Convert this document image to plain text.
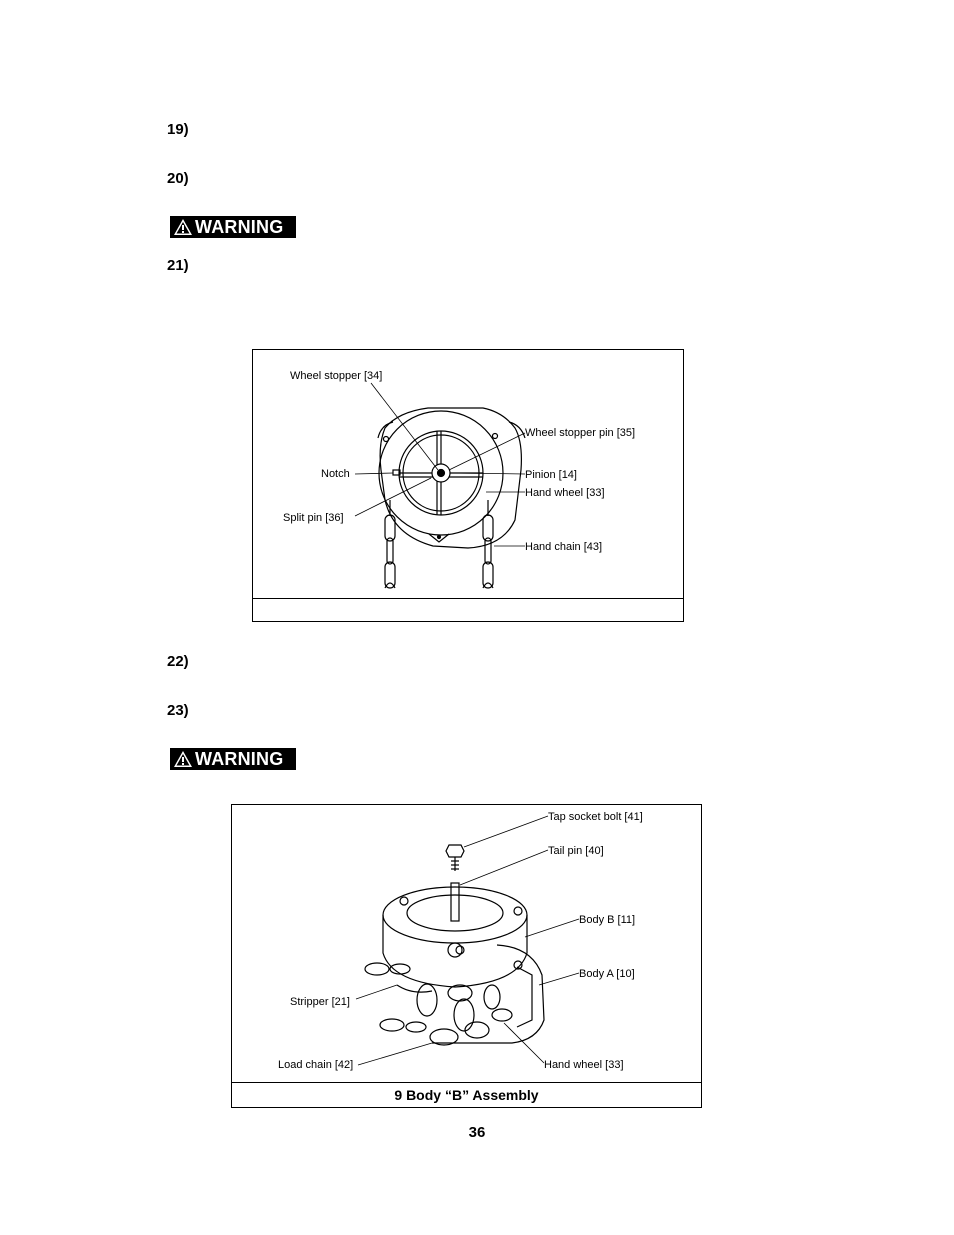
19)
20)
WARNING
21)
Wheel stopper [34]
Wheel stopper pin [35]
Notch	Pinion [14]
Hand wheel [33]
Split pin [36]
Hand chain [43]
22)
23)
WARNING
Tap socket bolt [41]
Tail pin [40]
Body B [11]
Body A [10]
Stripper [21]
Load chain [42]	Hand wheel [33]
9 Body “B” Assembly
36
